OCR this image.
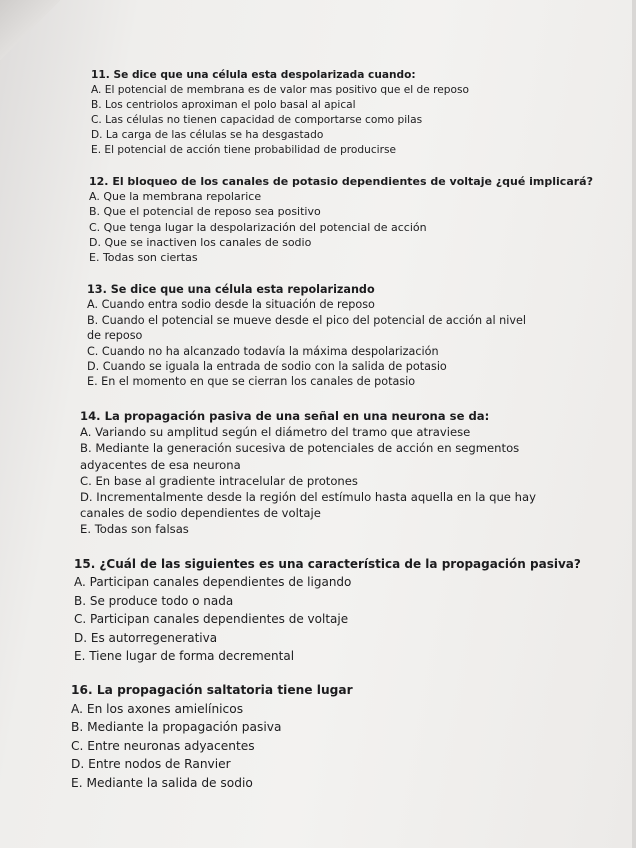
11. Se dice que una célula esta despolarizada cuando:
A. El potencial de membrana es de valor mas positivo que el de reposo
B. Los centriolos aproximan el polo basal al apical
C. Las células no tienen capacidad de comportarse como pilas
D. La carga de las células se ha desgastado
E. El potencial de acción tiene probabilidad de producirse
12. El bloqueo de los canales de potasio dependientes de voltaje ¿qué implicará?
A. Que la membrana repolarice
B. Que el potencial de reposo sea positivo
C. Que tenga lugar la despolarización del potencial de acción
D. Que se inactiven los canales de sodio
E. Todas son ciertas
13. Se dice que una célula esta repolarizando
A. Cuando entra sodio desde la situación de reposo
B. Cuando el potencial se mueve desde el pico del potencial de acción al nivel de reposo
C. Cuando no ha alcanzado todavía la máxima despolarización
D. Cuando se iguala la entrada de sodio con la salida de potasio
E. En el momento en que se cierran los canales de potasio
14. La propagación pasiva de una señal en una neurona se da:
A. Variando su amplitud según el diámetro del tramo que atraviese
B. Mediante la generación sucesiva de potenciales de acción en segmentos adyacentes de esa neurona
C. En base al gradiente intracelular de protones
D. Incrementalmente desde la región del estímulo hasta aquella en la que hay canales de sodio dependientes de voltaje
E. Todas son falsas
15. ¿Cuál de las siguientes es una característica de la propagación pasiva?
A. Participan canales dependientes de ligando
B. Se produce todo o nada
C. Participan canales dependientes de voltaje
D. Es autorregenerativa
E. Tiene lugar de forma decremental
16. La propagación saltatoria tiene lugar
A. En los axones amielínicos
B. Mediante la propagación pasiva
C. Entre neuronas adyacentes
D. Entre nodos de Ranvier
E. Mediante la salida de sodio
